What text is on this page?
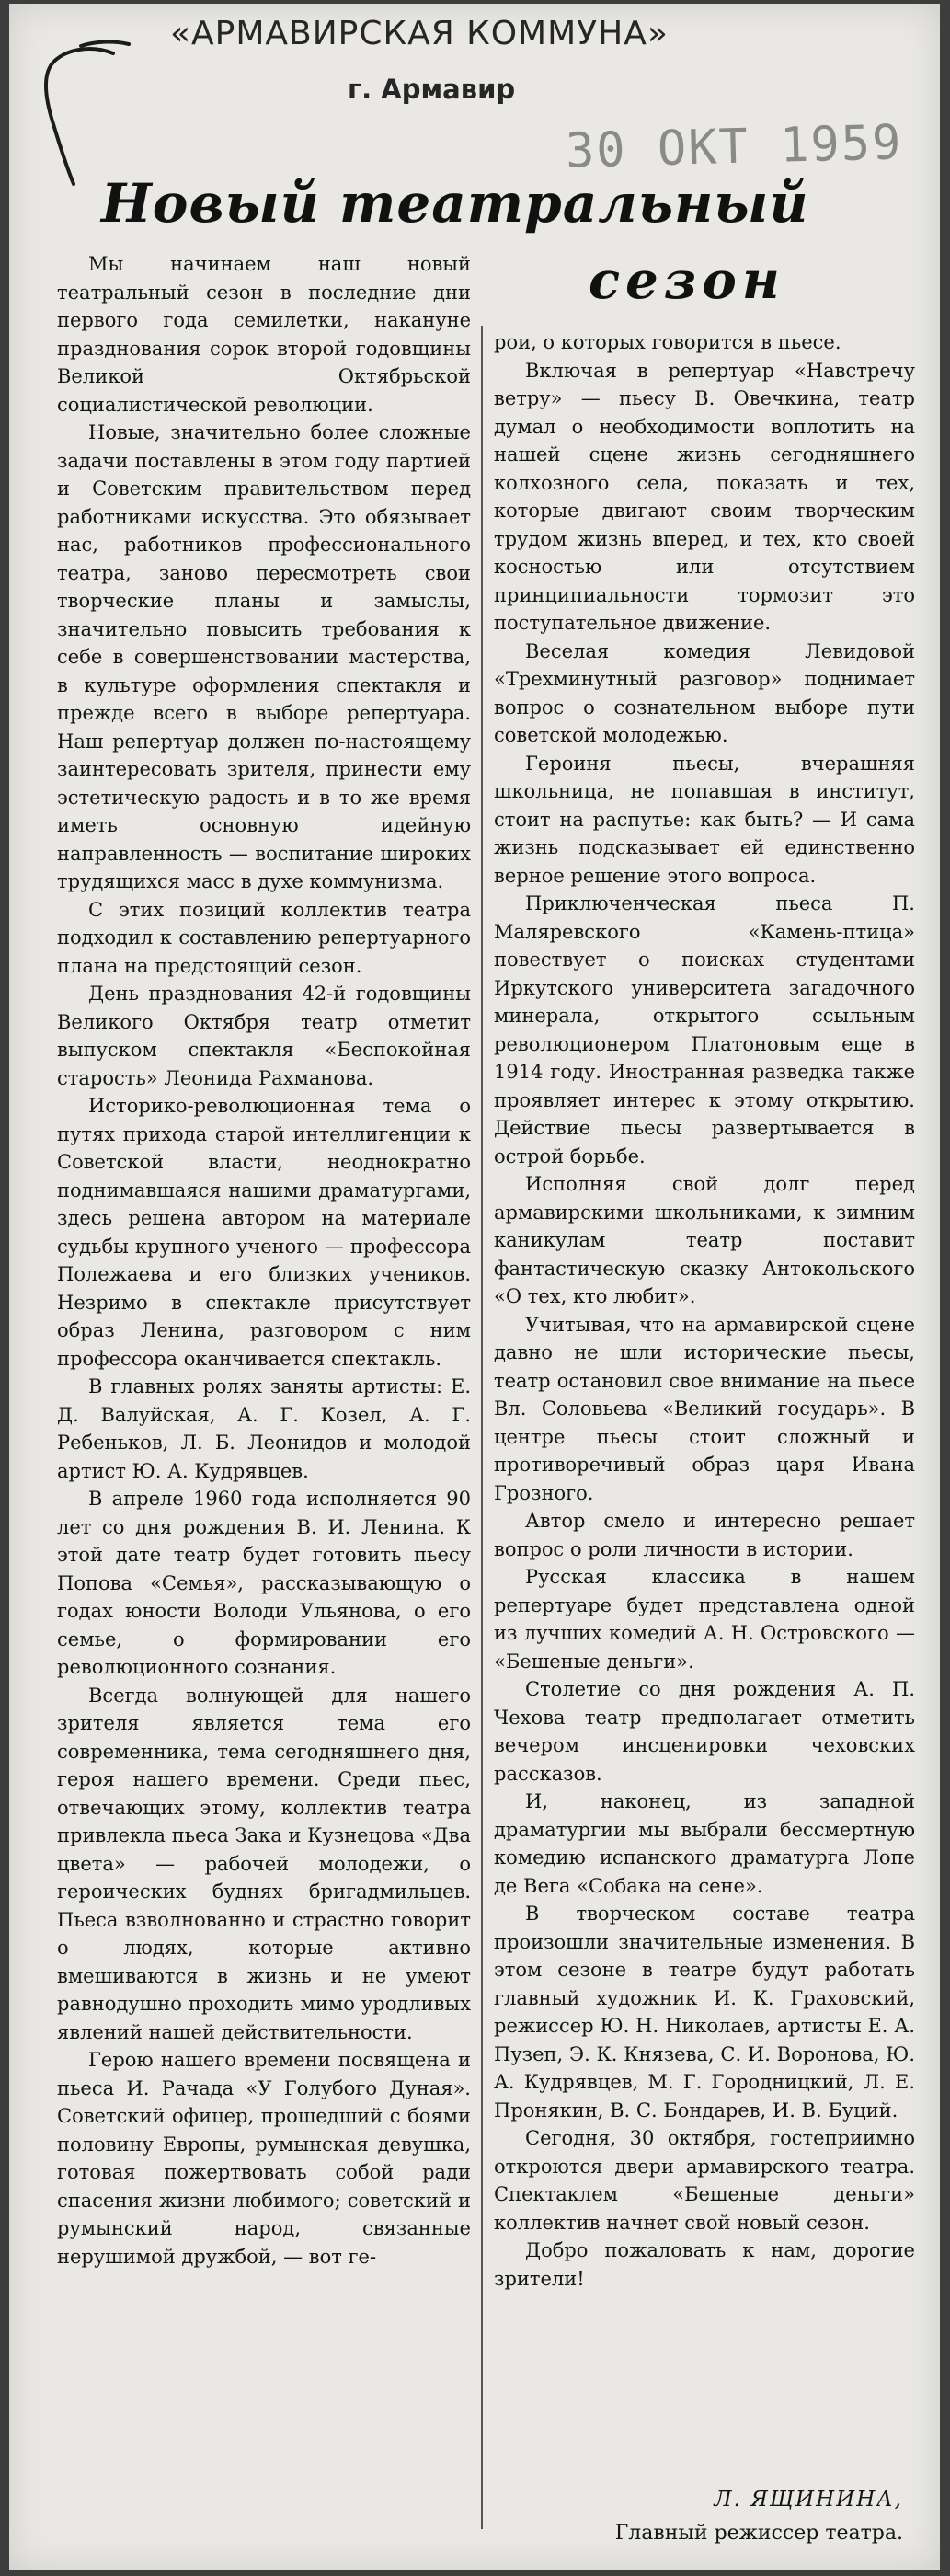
«АРМАВИРСКАЯ КОММУНА»
г. Армавир
30 ОКТ 1959
Новый театральный
сезон

Мы начинаем наш новый театральный сезон в последние дни первого года семилетки, накануне празднования сорок второй годовщины Великой Октябрьской социалистической революции.

Новые, значительно более сложные задачи поставлены в этом году партией и Советским правительством перед работниками искусства. Это обязывает нас, работников профессионального театра, заново пересмотреть свои творческие планы и замыслы, значительно повысить требования к себе в совершенствовании мастерства, в культуре оформления спектакля и прежде всего в выборе репертуара. Наш репертуар должен по-настоящему заинтересовать зрителя, принести ему эстетическую радость и в то же время иметь основную идейную направленность — воспитание широких трудящихся масс в духе коммунизма.

С этих позиций коллектив театра подходил к составлению репертуарного плана на предстоящий сезон.

День празднования 42-й годовщины Великого Октября театр отметит выпуском спектакля «Беспокойная старость» Леонида Рахманова.

Историко-революционная тема о путях прихода старой интеллигенции к Советской власти, неоднократно поднимавшаяся нашими драматургами, здесь решена автором на материале судьбы крупного ученого — профессора Полежаева и его близких учеников. Незримо в спектакле присутствует образ Ленина, разговором с ним профессора оканчивается спектакль.

В главных ролях заняты артисты: Е. Д. Валуйская, А. Г. Козел, А. Г. Ребеньков, Л. Б. Леонидов и молодой артист Ю. А. Кудрявцев.

В апреле 1960 года исполняется 90 лет со дня рождения В. И. Ленина. К этой дате театр будет готовить пьесу Попова «Семья», рассказывающую о годах юности Володи Ульянова, о его семье, о формировании его революционного сознания.

Всегда волнующей для нашего зрителя является тема его современника, тема сегодняшнего дня, героя нашего времени. Среди пьес, отвечающих этому, коллектив театра привлекла пьеса Зака и Кузнецова «Два цвета» — рабочей молодежи, о героических буднях бригадмильцев. Пьеса взволнованно и страстно говорит о людях, которые активно вмешиваются в жизнь и не умеют равнодушно проходить мимо уродливых явлений нашей действительности.

Герою нашего времени посвящена и пьеса И. Рачада «У Голубого Дуная». Советский офицер, прошедший с боями половину Европы, румынская девушка, готовая пожертвовать собой ради спасения жизни любимого; советский и румынский народ, связанные нерушимой дружбой, — вот ге-

рои, о которых говорится в пьесе.

Включая в репертуар «Навстречу ветру» — пьесу В. Овечкина, театр думал о необходимости воплотить на нашей сцене жизнь сегодняшнего колхозного села, показать и тех, которые двигают своим творческим трудом жизнь вперед, и тех, кто своей косностью или отсутствием принципиальности тормозит это поступательное движение.

Веселая комедия Левидовой «Трехминутный разговор» поднимает вопрос о сознательном выборе пути советской молодежью.

Героиня пьесы, вчерашняя школьница, не попавшая в институт, стоит на распутье: как быть? — И сама жизнь подсказывает ей единственно верное решение этого вопроса.

Приключенческая пьеса П. Маляревского «Камень-птица» повествует о поисках студентами Иркутского университета загадочного минерала, открытого ссыльным революционером Платоновым еще в 1914 году. Иностранная разведка также проявляет интерес к этому открытию. Действие пьесы развертывается в острой борьбе.

Исполняя свой долг перед армавирскими школьниками, к зимним каникулам театр поставит фантастическую сказку Антокольского «О тех, кто любит».

Учитывая, что на армавирской сцене давно не шли исторические пьесы, театр остановил свое внимание на пьесе Вл. Соловьева «Великий государь». В центре пьесы стоит сложный и противоречивый образ царя Ивана Грозного.

Автор смело и интересно решает вопрос о роли личности в истории.

Русская классика в нашем репертуаре будет представлена одной из лучших комедий А. Н. Островского — «Бешеные деньги».

Столетие со дня рождения А. П. Чехова театр предполагает отметить вечером инсценировки чеховских рассказов.

И, наконец, из западной драматургии мы выбрали бессмертную комедию испанского драматурга Лопе де Вега «Собака на сене».

В творческом составе театра произошли значительные изменения. В этом сезоне в театре будут работать главный художник И. К. Граховский, режиссер Ю. Н. Николаев, артисты Е. А. Пузеп, Э. К. Князева, С. И. Воронова, Ю. А. Кудрявцев, М. Г. Городницкий, Л. Е. Пронякин, В. С. Бондарев, И. В. Буций.

Сегодня, 30 октября, гостеприимно откроются двери армавирского театра. Спектаклем «Бешеные деньги» коллектив начнет свой новый сезон.

Добро пожаловать к нам, дорогие зрители!

Л. ЯЩИНИНА,
Главный режиссер театра.
